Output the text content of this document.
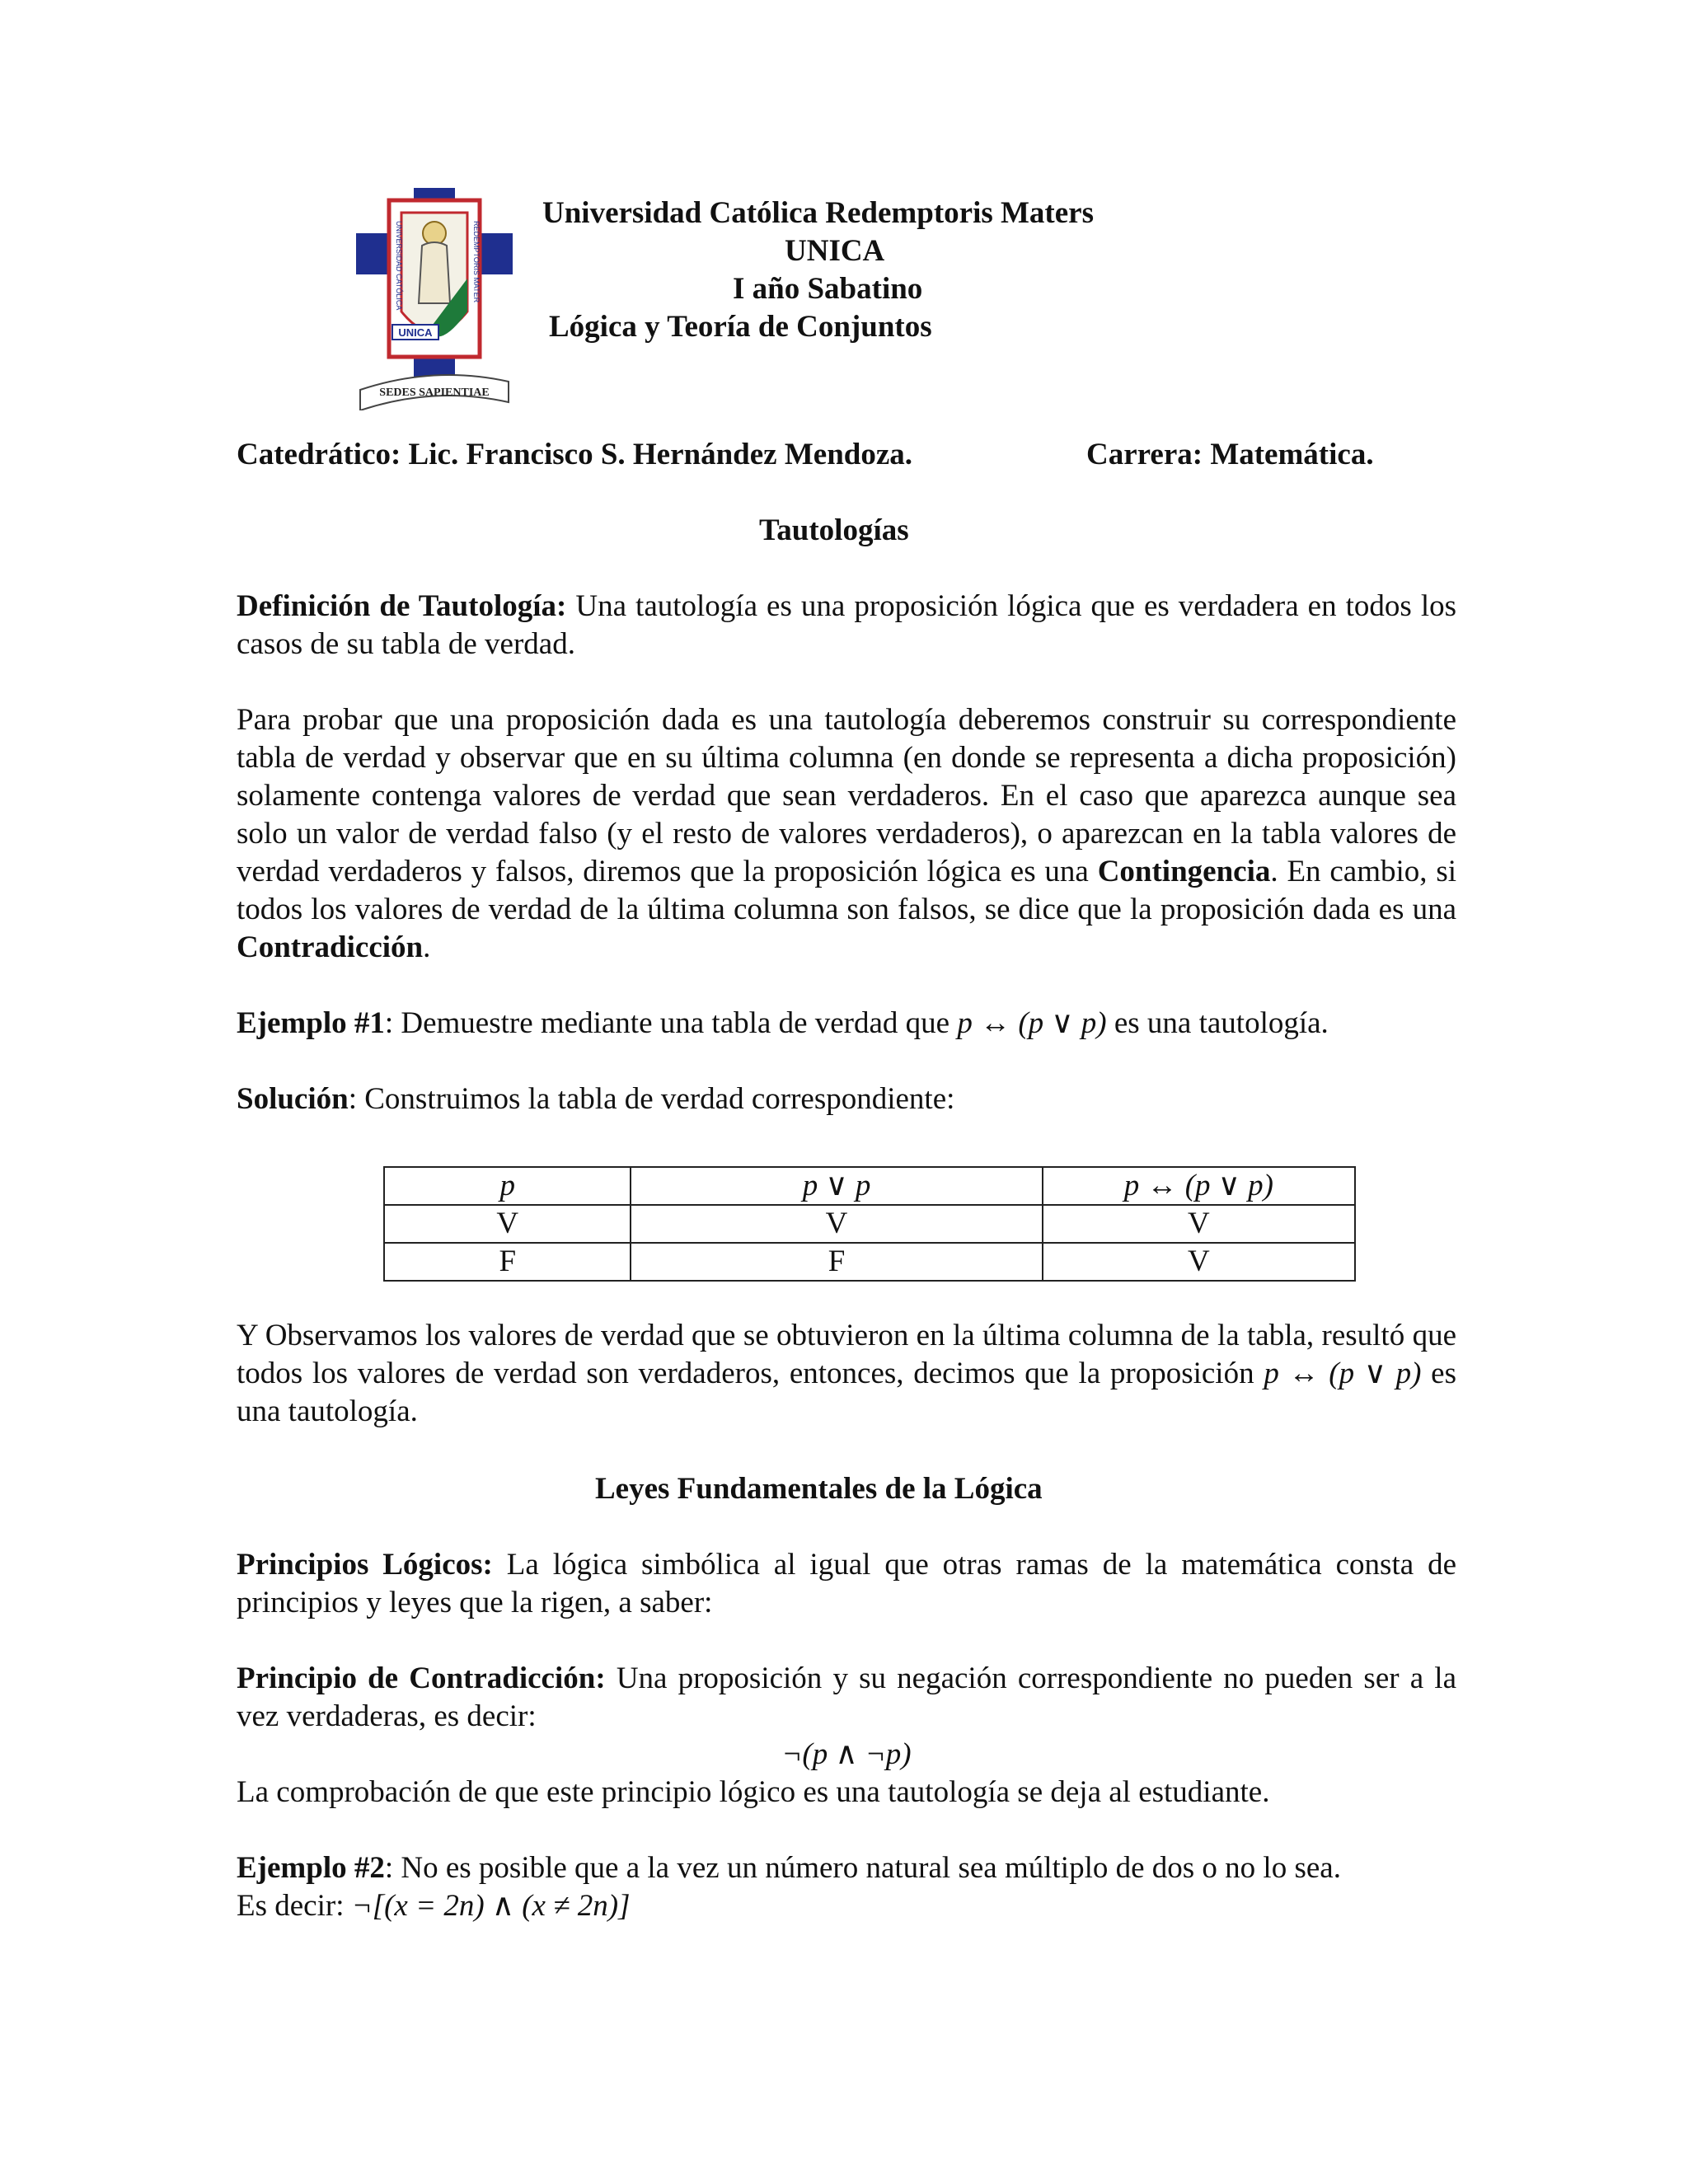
UNIVERSIDAD CATÓLICA	REDEMPTORIS MATER
UNICA
SEDES SAPIENTIAE
Universidad Católica Redemptoris Maters
UNICA
I año Sabatino
Lógica y Teoría de Conjuntos
Catedrático: Lic. Francisco S. Hernández Mendoza.	Carrera: Matemática.
Tautologías

Definición de Tautología: Una tautología es una proposición lógica que es verdadera en todos los casos de su tabla de verdad.

Para probar que una proposición dada es una tautología deberemos construir su correspondiente tabla de verdad y observar que en su última columna (en donde se representa a dicha proposición) solamente contenga valores de verdad que sean verdaderos. En el caso que aparezca aunque sea solo un valor de verdad falso (y el resto de valores verdaderos), o aparezcan en la tabla valores de verdad verdaderos y falsos, diremos que la proposición lógica es una Contingencia. En cambio, si todos los valores de verdad de la última columna son falsos, se dice que la proposición dada es una Contradicción.

Ejemplo #1: Demuestre mediante una tabla de verdad que p ↔ (p ∨ p) es una tautología.

Solución: Construimos la tabla de verdad correspondiente:

p	p ∨ p	p ↔ (p ∨ p)
V	V	V
F	F	V

Y Observamos los valores de verdad que se obtuvieron en la última columna de la tabla, resultó que todos los valores de verdad son verdaderos, entonces, decimos que la proposición p ↔ (p ∨ p) es una tautología.

Leyes Fundamentales de la Lógica

Principios Lógicos: La lógica simbólica al igual que otras ramas de la matemática consta de principios y leyes que la rigen, a saber:

Principio de Contradicción: Una proposición y su negación correspondiente no pueden ser a la vez verdaderas, es decir:

¬(p ∧ ¬p)

La comprobación de que este principio lógico es una tautología se deja al estudiante.

Ejemplo #2: No es posible que a la vez un número natural sea múltiplo de dos o no lo sea.

Es decir: ¬[(x = 2n) ∧ (x ≠ 2n)]
